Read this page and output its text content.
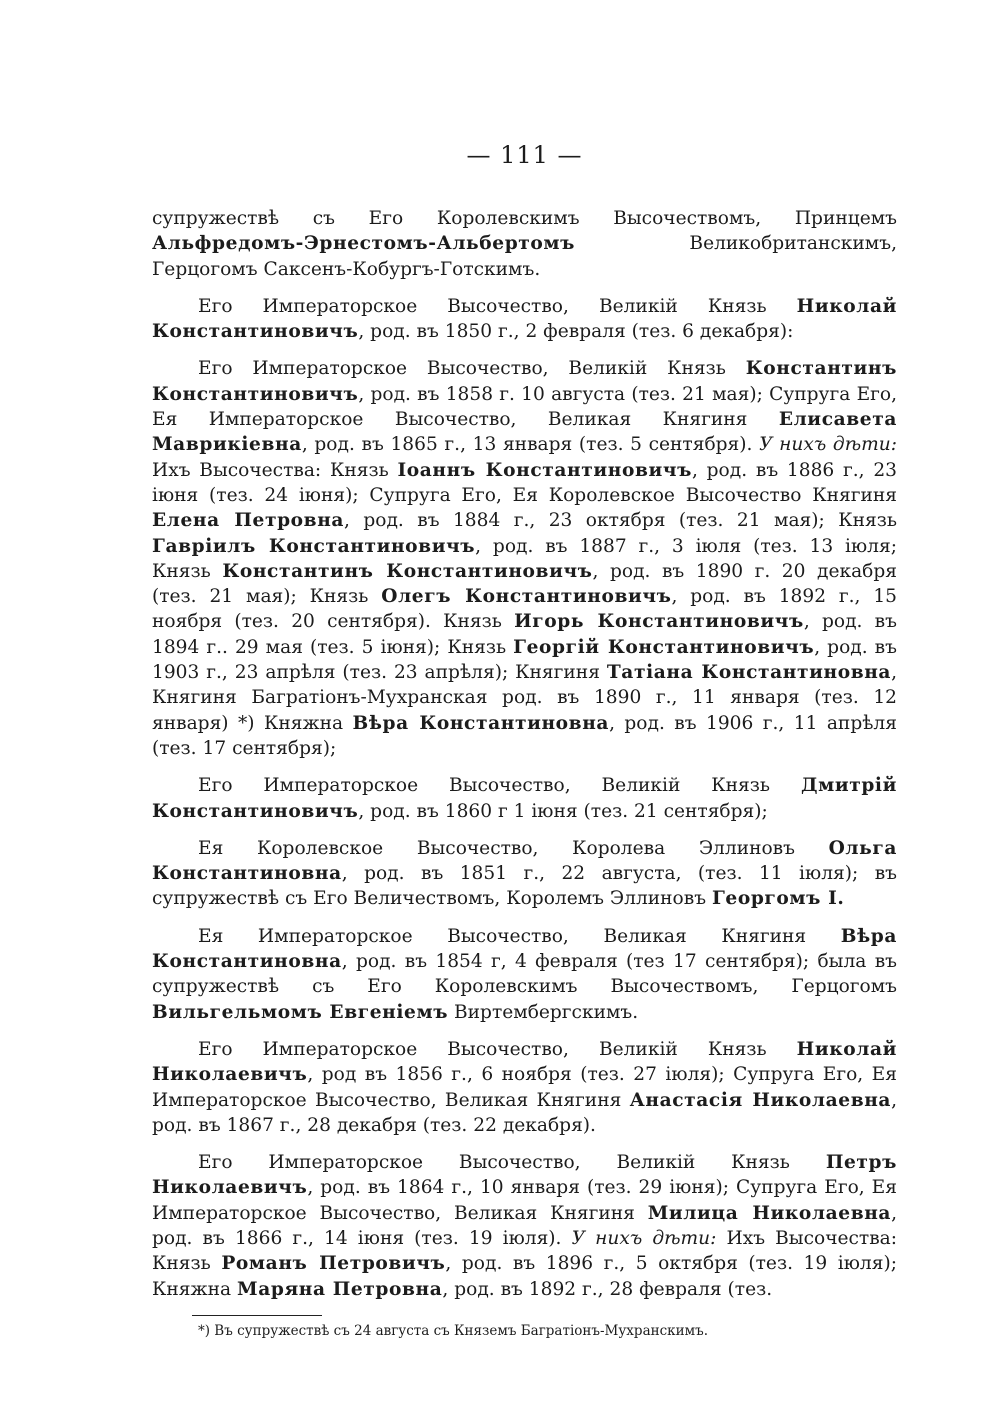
— 111 —

супружествѣ съ Его Королевскимъ Высочествомъ, Принцемъ Альфредомъ-Эрнестомъ-Альбертомъ Великобританскимъ, Герцогомъ Саксенъ-Кобургъ-Готскимъ.

Его Императорское Высочество, Великій Князь Николай Константиновичъ, род. въ 1850 г., 2 февраля (тез. 6 декабря):

Его Императорское Высочество, Великій Князь Константинъ Константиновичъ, род. въ 1858 г. 10 августа (тез. 21 мая); Супруга Его, Ея Императорское Высочество, Великая Княгиня Елисавета Маврикіевна, род. въ 1865 г., 13 января (тез. 5 сентября). У нихъ дѣти: Ихъ Высочества: Князь Іоаннъ Константиновичъ, род. въ 1886 г., 23 іюня (тез. 24 іюня); Супруга Его, Ея Королевское Высочество Княгиня Елена Петровна, род. въ 1884 г., 23 октября (тез. 21 мая); Князь Гавріилъ Константиновичъ, род. въ 1887 г., 3 іюля (тез. 13 іюля; Князь Константинъ Константиновичъ, род. въ 1890 г. 20 декабря (тез. 21 мая); Князь Олегъ Константиновичъ, род. въ 1892 г., 15 ноября (тез. 20 сентября). Князь Игорь Константиновичъ, род. въ 1894 г.. 29 мая (тез. 5 іюня); Князь Георгій Константиновичъ, род. въ 1903 г., 23 апрѣля (тез. 23 апрѣля); Княгиня Татіана Константиновна, Княгиня Багратіонъ-Мухранская род. въ 1890 г., 11 января (тез. 12 января) *) Княжна Вѣра Константиновна, род. въ 1906 г., 11 апрѣля (тез. 17 сентября);

Его Императорское Высочество, Великій Князь Дмитрій Константиновичъ, род. въ 1860 г 1 іюня (тез. 21 сентября);

Ея Королевское Высочество, Королева Эллиновъ Ольга Константиновна, род. въ 1851 г., 22 августа, (тез. 11 іюля); въ супружествѣ съ Его Величествомъ, Королемъ Эллиновъ Георгомъ I.

Ея Императорское Высочество, Великая Княгиня Вѣра Константиновна, род. въ 1854 г, 4 февраля (тез 17 сентября); была въ супружествѣ съ Его Королевскимъ Высочествомъ, Герцогомъ Вильгельмомъ Евгеніемъ Виртембергскимъ.

Его Императорское Высочество, Великій Князь Николай Николаевичъ, род въ 1856 г., 6 ноября (тез. 27 іюля); Супруга Его, Ея Императорское Высочество, Великая Княгиня Анастасія Николаевна, род. въ 1867 г., 28 декабря (тез. 22 декабря).

Его Императорское Высочество, Великій Князь Петръ Николаевичъ, род. въ 1864 г., 10 января (тез. 29 іюня); Супруга Его, Ея Императорское Высочество, Великая Княгиня Милица Николаевна, род. въ 1866 г., 14 іюня (тез. 19 іюля). У нихъ дѣти: Ихъ Высочества: Князь Романъ Петровичъ, род. въ 1896 г., 5 октября (тез. 19 іюля); Княжна Маряна Петровна, род. въ 1892 г., 28 февраля (тез.

*) Въ супружествѣ съ 24 августа съ Княземъ Багратіонъ-Мухранскимъ.
